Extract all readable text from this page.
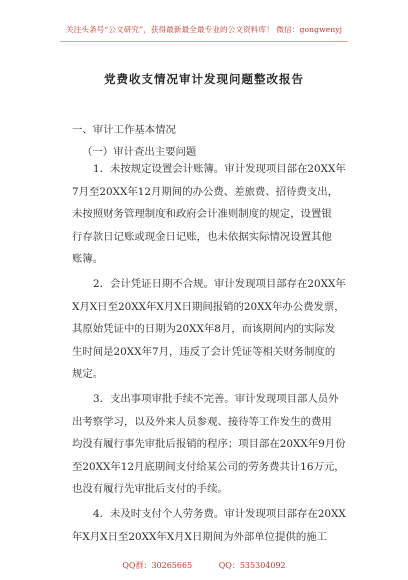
关注头条号“公文研究”，获得最新最全最专业的公文资料库！ 微信：gongwenyj
党费收支情况审计发现问题整改报告
一、审计工作基本情况
（一）审计查出主要问题
1．未按规定设置会计账簿。审计发现项目部在20XX年
7月至20XX年12月期间的办公费、差旅费、招待费支出，
未按照财务管理制度和政府会计准则制度的规定，设置银
行存款日记账或现金日记账，也未依据实际情况设置其他
账簿。
2．会计凭证日期不合规。审计发现项目部存在20XX年
X月X日至20XX年X月X日期间报销的20XX年办公费发票，
其原始凭证中的日期为20XX年8月，而该期间内的实际发
生时间是20XX年7月，违反了会计凭证等相关财务制度的
规定。
3．支出事项审批手续不完善。审计发现项目部人员外
出考察学习，以及外来人员参观、接待等工作发生的费用
均没有履行事先审批后报销的程序；项目部在20XX年9月份
至20XX年12月底期间支付给某公司的劳务费共计16万元，
也没有履行先审批后支付的手续。
4．未及时支付个人劳务费。审计发现项目部存在20XX
年X月X日至20XX年X月X日期间为外部单位提供的施工
QQ群：30265665	QQ：535304092
